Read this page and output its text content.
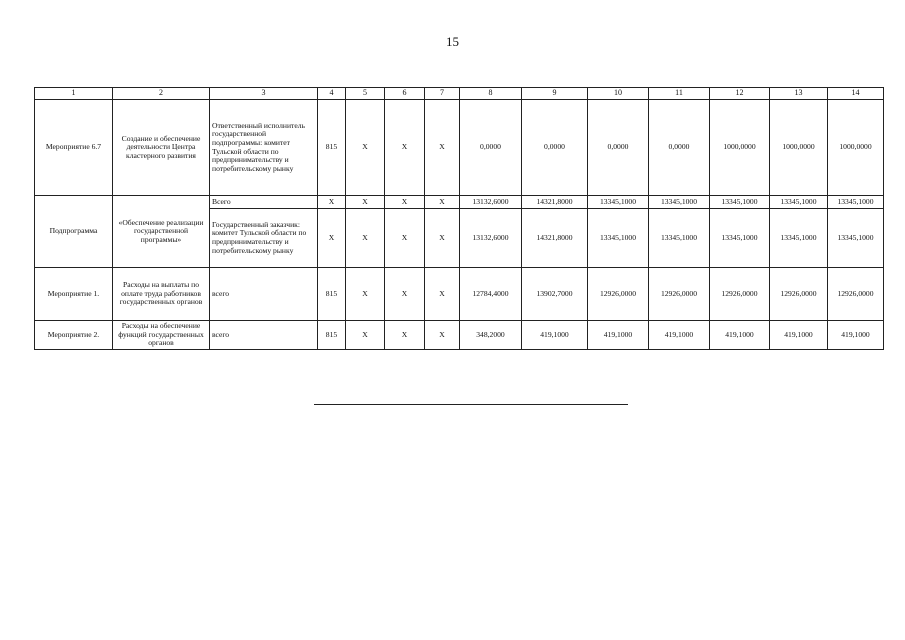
15
1	2	3	4	5	6	7	8	9	10	11	12	13	14
Мероприятие 6.7	Создание и обеспечение деятельности Центра кластерного развития	Ответственный исполнитель государственной подпрограммы: комитет Тульской области по предпринимательству и потребительскому рынку	815	X	X	X	0,0000	0,0000	0,0000	0,0000	1000,0000	1000,0000	1000,0000
Подпрограмма	«Обеспечение реализации государственной программы»	Всего	X	X	X	X	13132,6000	14321,8000	13345,1000	13345,1000	13345,1000	13345,1000	13345,1000
		Государственный заказчик: комитет Тульской области по предпринимательству и потребительскому рынку	X	X	X	X	13132,6000	14321,8000	13345,1000	13345,1000	13345,1000	13345,1000	13345,1000
Мероприятие 1.	Расходы на выплаты по оплате труда работников государственных органов	всего	815	X	X	X	12784,4000	13902,7000	12926,0000	12926,0000	12926,0000	12926,0000	12926,0000
Мероприятие 2.	Расходы на обеспечение функций государственных органов	всего	815	X	X	X	348,2000	419,1000	419,1000	419,1000	419,1000	419,1000	419,1000
